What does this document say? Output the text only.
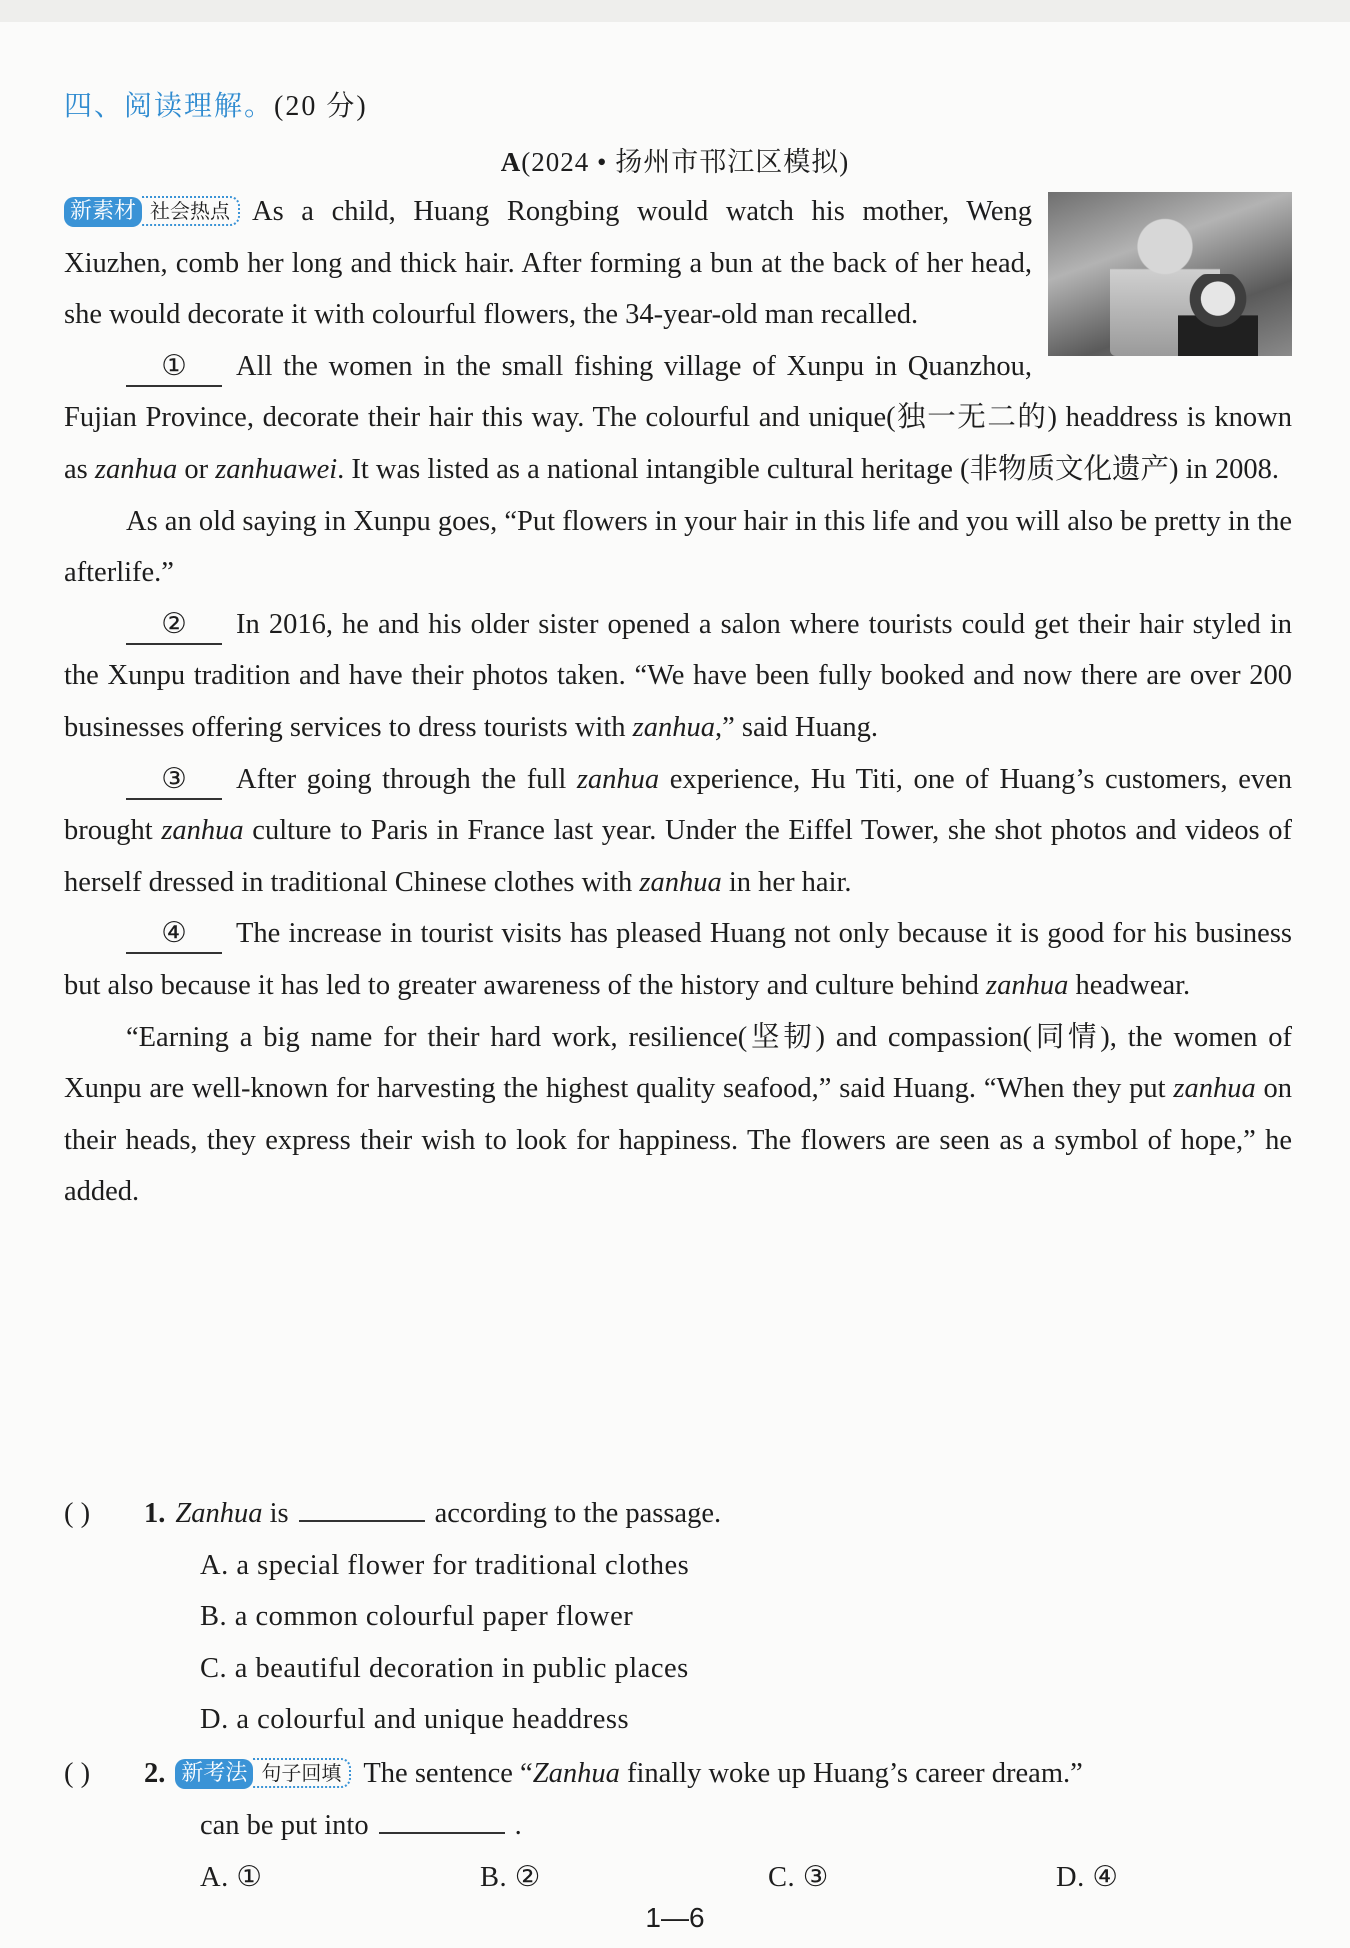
四、阅读理解。(20 分)
A(2024 • 扬州市邗江区模拟)

新素材 社会热点 As a child, Huang Rongbing would watch his mother, Weng Xiuzhen, comb her long and thick hair. After forming a bun at the back of her head, she would decorate it with colourful flowers, the 34-year-old man recalled.

① All the women in the small fishing village of Xunpu in Quanzhou, Fujian Province, decorate their hair this way. The colourful and unique(独一无二的) headdress is known as zanhua or zanhuawei. It was listed as a national intangible cultural heritage (非物质文化遗产) in 2008.

As an old saying in Xunpu goes, “Put flowers in your hair in this life and you will also be pretty in the afterlife.”

② In 2016, he and his older sister opened a salon where tourists could get their hair styled in the Xunpu tradition and have their photos taken. “We have been fully booked and now there are over 200 businesses offering services to dress tourists with zanhua,” said Huang.

③ After going through the full zanhua experience, Hu Titi, one of Huang’s customers, even brought zanhua culture to Paris in France last year. Under the Eiffel Tower, she shot photos and videos of herself dressed in traditional Chinese clothes with zanhua in her hair.

④ The increase in tourist visits has pleased Huang not only because it is good for his business but also because it has led to greater awareness of the history and culture behind zanhua headwear.

“Earning a big name for their hard work, resilience(坚韧) and compassion(同情), the women of Xunpu are well-known for harvesting the highest quality seafood,” said Huang. “When they put zanhua on their heads, they express their wish to look for happiness. The flowers are seen as a symbol of hope,” he added.

( ) 1. Zanhua is	according to the passage.
A. a special flower for traditional clothes
B. a common colourful paper flower
C. a beautiful decoration in public places
D. a colourful and unique headdress
( ) 2. 新考法 句子回填 The sentence “Zanhua finally woke up Huang’s career dream.”
can be put into	.
A. ①	B. ②	C. ③	D. ④
1—6
